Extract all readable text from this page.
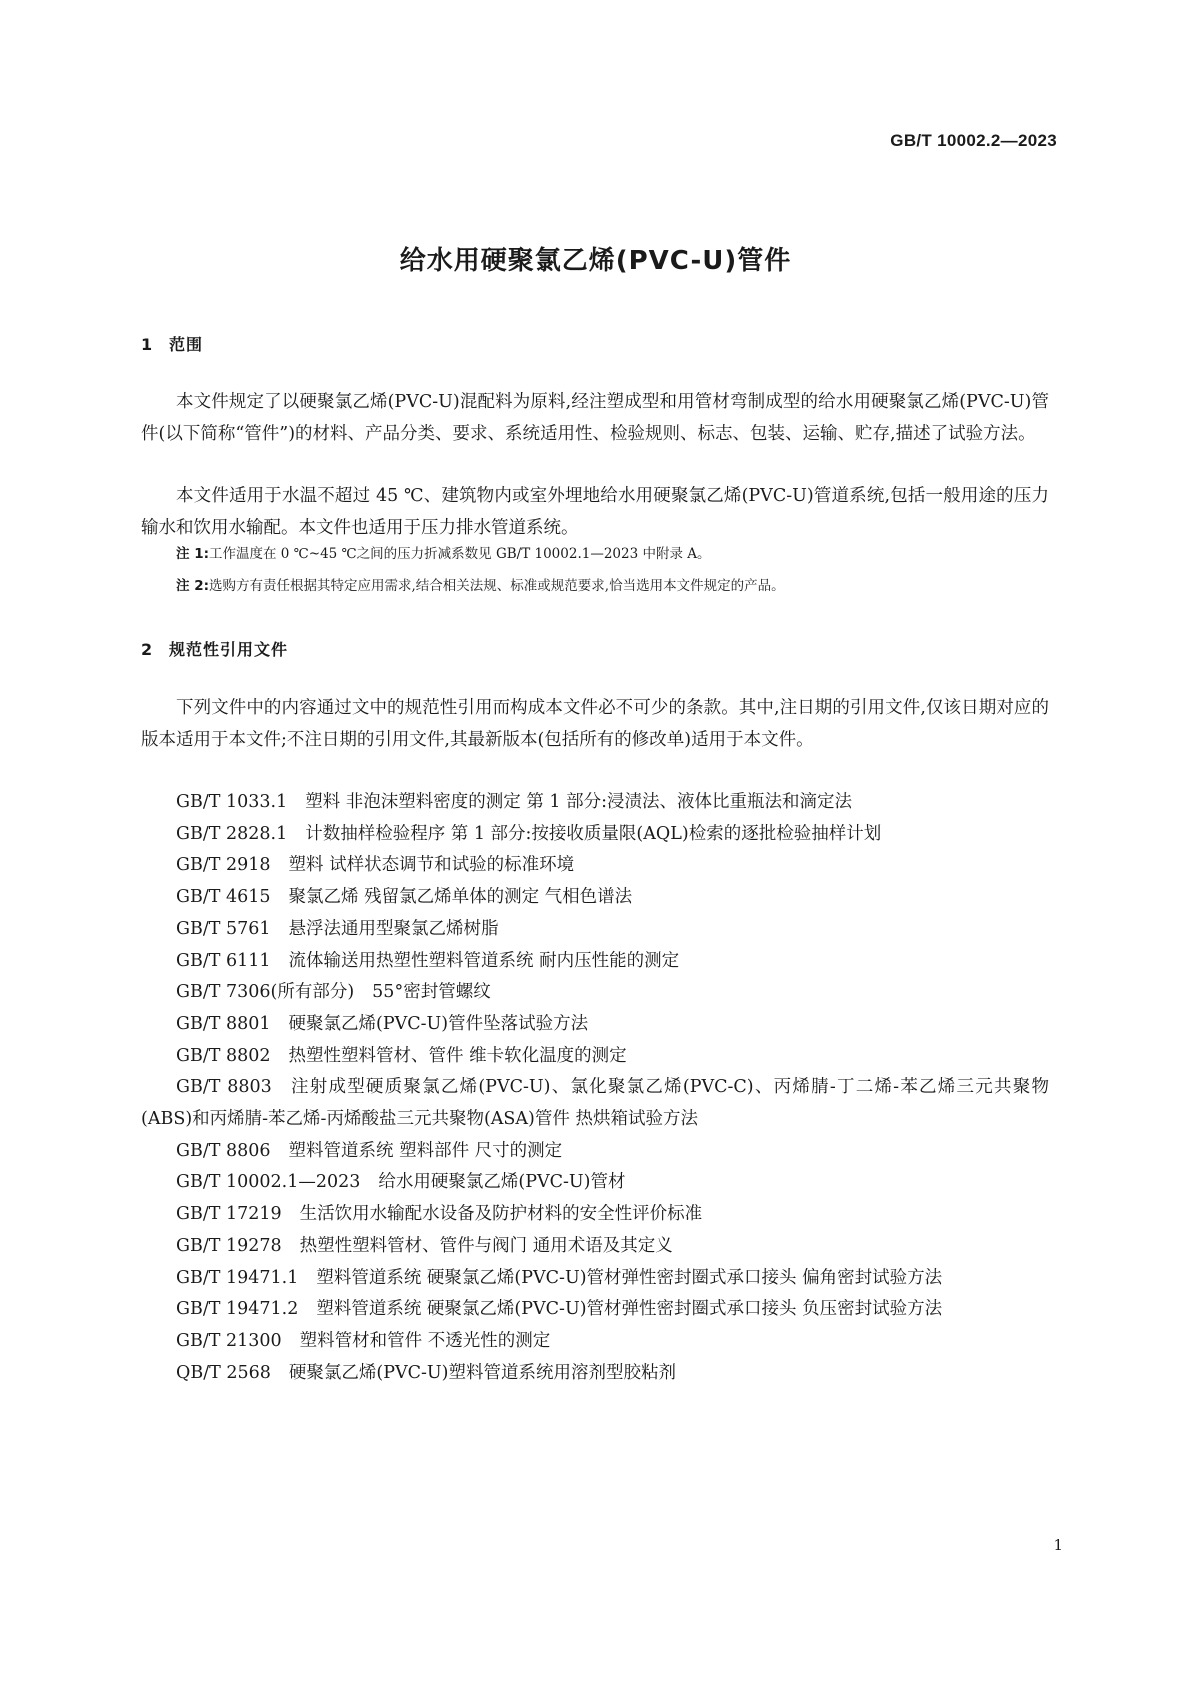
GB/T 10002.2—2023
给水用硬聚氯乙烯(PVC-U)管件
1 范围

本文件规定了以硬聚氯乙烯(PVC-U)混配料为原料,经注塑成型和用管材弯制成型的给水用硬聚氯乙烯(PVC-U)管件(以下简称“管件”)的材料、产品分类、要求、系统适用性、检验规则、标志、包装、运输、贮存,描述了试验方法。

本文件适用于水温不超过 45 ℃、建筑物内或室外埋地给水用硬聚氯乙烯(PVC-U)管道系统,包括一般用途的压力输水和饮用水输配。本文件也适用于压力排水管道系统。

注 1:工作温度在 0 ℃~45 ℃之间的压力折减系数见 GB/T 10002.1—2023 中附录 A。
注 2:选购方有责任根据其特定应用需求,结合相关法规、标准或规范要求,恰当选用本文件规定的产品。
2 规范性引用文件

下列文件中的内容通过文中的规范性引用而构成本文件必不可少的条款。其中,注日期的引用文件,仅该日期对应的版本适用于本文件;不注日期的引用文件,其最新版本(包括所有的修改单)适用于本文件。

GB/T 1033.1 塑料 非泡沫塑料密度的测定 第 1 部分:浸渍法、液体比重瓶法和滴定法
GB/T 2828.1 计数抽样检验程序 第 1 部分:按接收质量限(AQL)检索的逐批检验抽样计划
GB/T 2918 塑料 试样状态调节和试验的标准环境
GB/T 4615 聚氯乙烯 残留氯乙烯单体的测定 气相色谱法
GB/T 5761 悬浮法通用型聚氯乙烯树脂
GB/T 6111 流体输送用热塑性塑料管道系统 耐内压性能的测定
GB/T 7306(所有部分) 55°密封管螺纹
GB/T 8801 硬聚氯乙烯(PVC-U)管件坠落试验方法
GB/T 8802 热塑性塑料管材、管件 维卡软化温度的测定
GB/T 8803 注射成型硬质聚氯乙烯(PVC-U)、氯化聚氯乙烯(PVC-C)、丙烯腈-丁二烯-苯乙烯三元共聚物(ABS)和丙烯腈-苯乙烯-丙烯酸盐三元共聚物(ASA)管件 热烘箱试验方法
GB/T 8806 塑料管道系统 塑料部件 尺寸的测定
GB/T 10002.1—2023 给水用硬聚氯乙烯(PVC-U)管材
GB/T 17219 生活饮用水输配水设备及防护材料的安全性评价标准
GB/T 19278 热塑性塑料管材、管件与阀门 通用术语及其定义
GB/T 19471.1 塑料管道系统 硬聚氯乙烯(PVC-U)管材弹性密封圈式承口接头 偏角密封试验方法
GB/T 19471.2 塑料管道系统 硬聚氯乙烯(PVC-U)管材弹性密封圈式承口接头 负压密封试验方法
GB/T 21300 塑料管材和管件 不透光性的测定
QB/T 2568 硬聚氯乙烯(PVC-U)塑料管道系统用溶剂型胶粘剂
1
